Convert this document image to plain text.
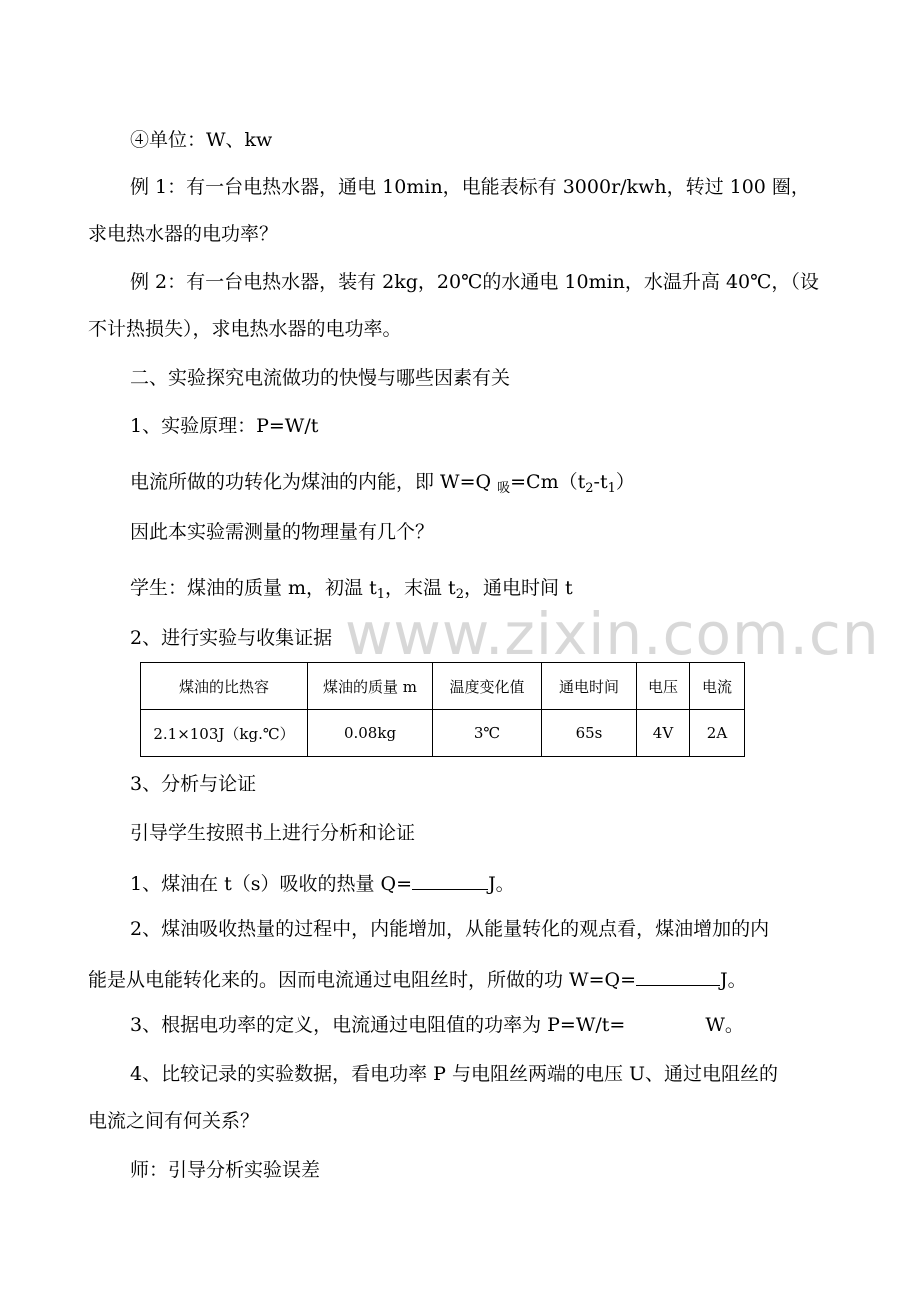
www.zixin.com.cn
④单位：W、kw
例 1：有一台电热水器，通电 10min，电能表标有 3000r/kwh，转过 100 圈，
求电热水器的电功率？
例 2：有一台电热水器，装有 2kg，20℃的水通电 10min，水温升高 40℃，（设
不计热损失），求电热水器的电功率。
二、实验探究电流做功的快慢与哪些因素有关
1、实验原理：P=W/t
电流所做的功转化为煤油的内能，即 W=Q $_吸=Cm(t_2-t_1)$
因此本实验需测量的物理量有几个？
学生：煤油的质量 m，初温 $t_1$，末温 $t_2$，通电时间 t
2、进行实验与收集证据
煤油的比热容	煤油的质量 m	温度变化值	通电时间	电压	电流
2.1×103J（kg.℃）	0.08kg	3℃	65s	4V	2A
3、分析与论证
引导学生按照书上进行分析和论证
1、煤油在 t（s）吸收的热量 Q=	J。
2、煤油吸收热量的过程中，内能增加，从能量转化的观点看，煤油增加的内
能是从电能转化来的。因而电流通过电阻丝时，所做的功 W=Q=	J。
3、根据电功率的定义，电流通过电阻值的功率为 P=W/t=	W。
4、比较记录的实验数据，看电功率 P 与电阻丝两端的电压 U、通过电阻丝的
电流之间有何关系？
师：引导分析实验误差
